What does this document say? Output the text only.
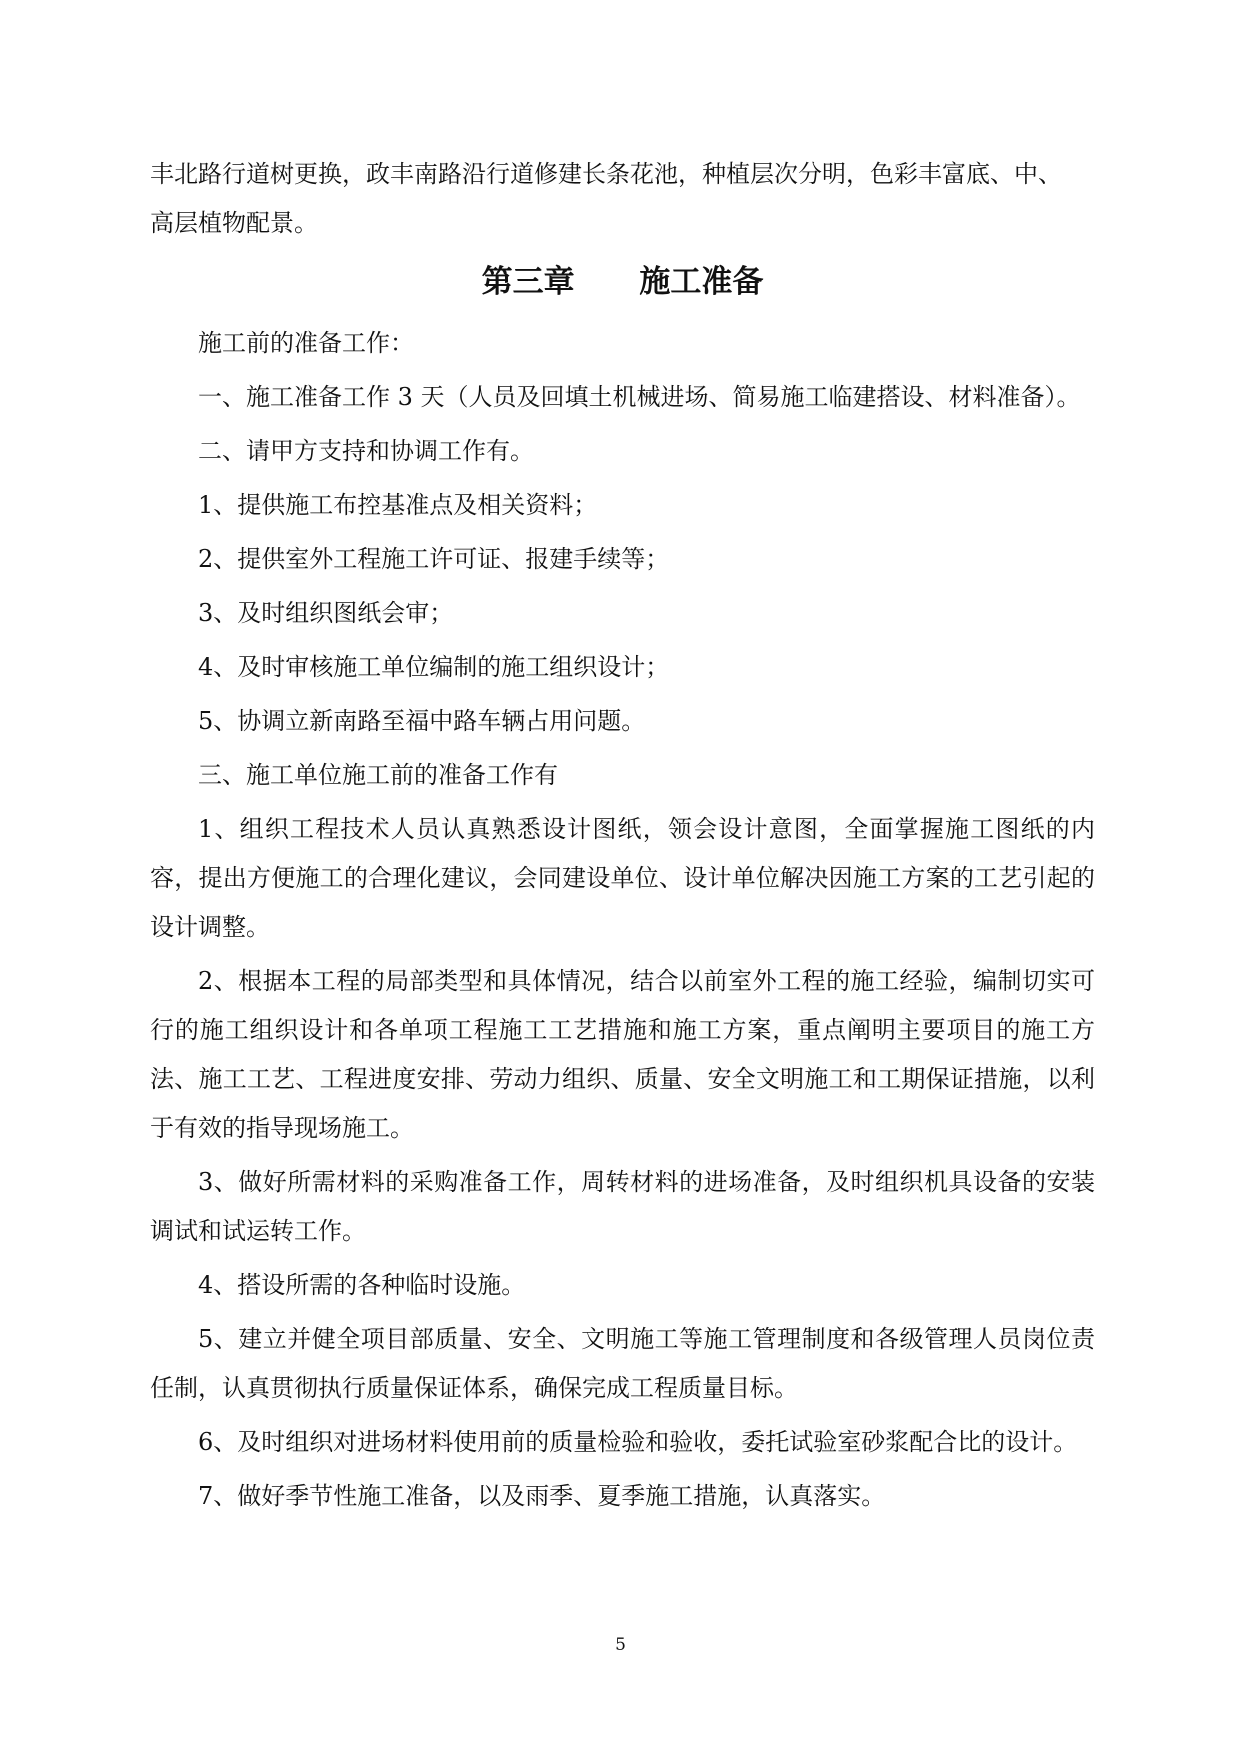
丰北路行道树更换，政丰南路沿行道修建长条花池，种植层次分明，色彩丰富底、中、

高层植物配景。

第三章      施工准备

施工前的准备工作：

一、施工准备工作 3 天（人员及回填土机械进场、简易施工临建搭设、材料准备）。

二、请甲方支持和协调工作有。

1、提供施工布控基准点及相关资料；

2、提供室外工程施工许可证、报建手续等；

3、及时组织图纸会审；

4、及时审核施工单位编制的施工组织设计；

5、协调立新南路至福中路车辆占用问题。

三、施工单位施工前的准备工作有

1、组织工程技术人员认真熟悉设计图纸，领会设计意图，全面掌握施工图纸的内容，提出方便施工的合理化建议，会同建设单位、设计单位解决因施工方案的工艺引起的设计调整。

2、根据本工程的局部类型和具体情况，结合以前室外工程的施工经验，编制切实可行的施工组织设计和各单项工程施工工艺措施和施工方案，重点阐明主要项目的施工方法、施工工艺、工程进度安排、劳动力组织、质量、安全文明施工和工期保证措施，以利于有效的指导现场施工。

3、做好所需材料的采购准备工作，周转材料的进场准备，及时组织机具设备的安装调试和试运转工作。

4、搭设所需的各种临时设施。

5、建立并健全项目部质量、安全、文明施工等施工管理制度和各级管理人员岗位责任制，认真贯彻执行质量保证体系，确保完成工程质量目标。

6、及时组织对进场材料使用前的质量检验和验收，委托试验室砂浆配合比的设计。

7、做好季节性施工准备，以及雨季、夏季施工措施，认真落实。

5
